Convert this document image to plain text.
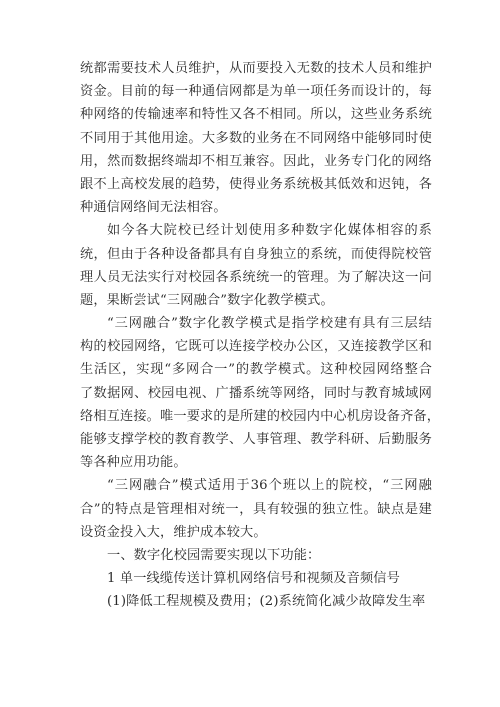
统都需要技术人员维护，从而要投入无数的技术人员和维护
资金。目前的每一种通信网都是为单一项任务而设计的，每
种网络的传输速率和特性又各不相同。所以，这些业务系统
不同用于其他用途。大多数的业务在不同网络中能够同时使
用，然而数据终端却不相互兼容。因此，业务专门化的网络
跟不上高校发展的趋势，使得业务系统极其低效和迟钝，各
种通信网络间无法相容。
如今各大院校已经计划使用多种数字化媒体相容的系
统，但由于各种设备都具有自身独立的系统，而使得院校管
理人员无法实行对校园各系统统一的管理。为了解决这一问
题，果断尝试“三网融合”数字化教学模式。
“三网融合”数字化教学模式是指学校建有具有三层结
构的校园网络，它既可以连接学校办公区，又连接教学区和
生活区，实现“多网合一”的教学模式。这种校园网络整合
了数据网、校园电视、广播系统等网络，同时与教育城域网
络相互连接。唯一要求的是所建的校园内中心机房设备齐备，
能够支撑学校的教育教学、人事管理、教学科研、后勤服务
等各种应用功能。
“三网融合”模式适用于36个班以上的院校，“三网融
合”的特点是管理相对统一，具有较强的独立性。缺点是建
设资金投入大，维护成本较大。
一、数字化校园需要实现以下功能：
1 单一线缆传送计算机网络信号和视频及音频信号
(1)降低工程规模及费用；(2)系统简化减少故障发生率
